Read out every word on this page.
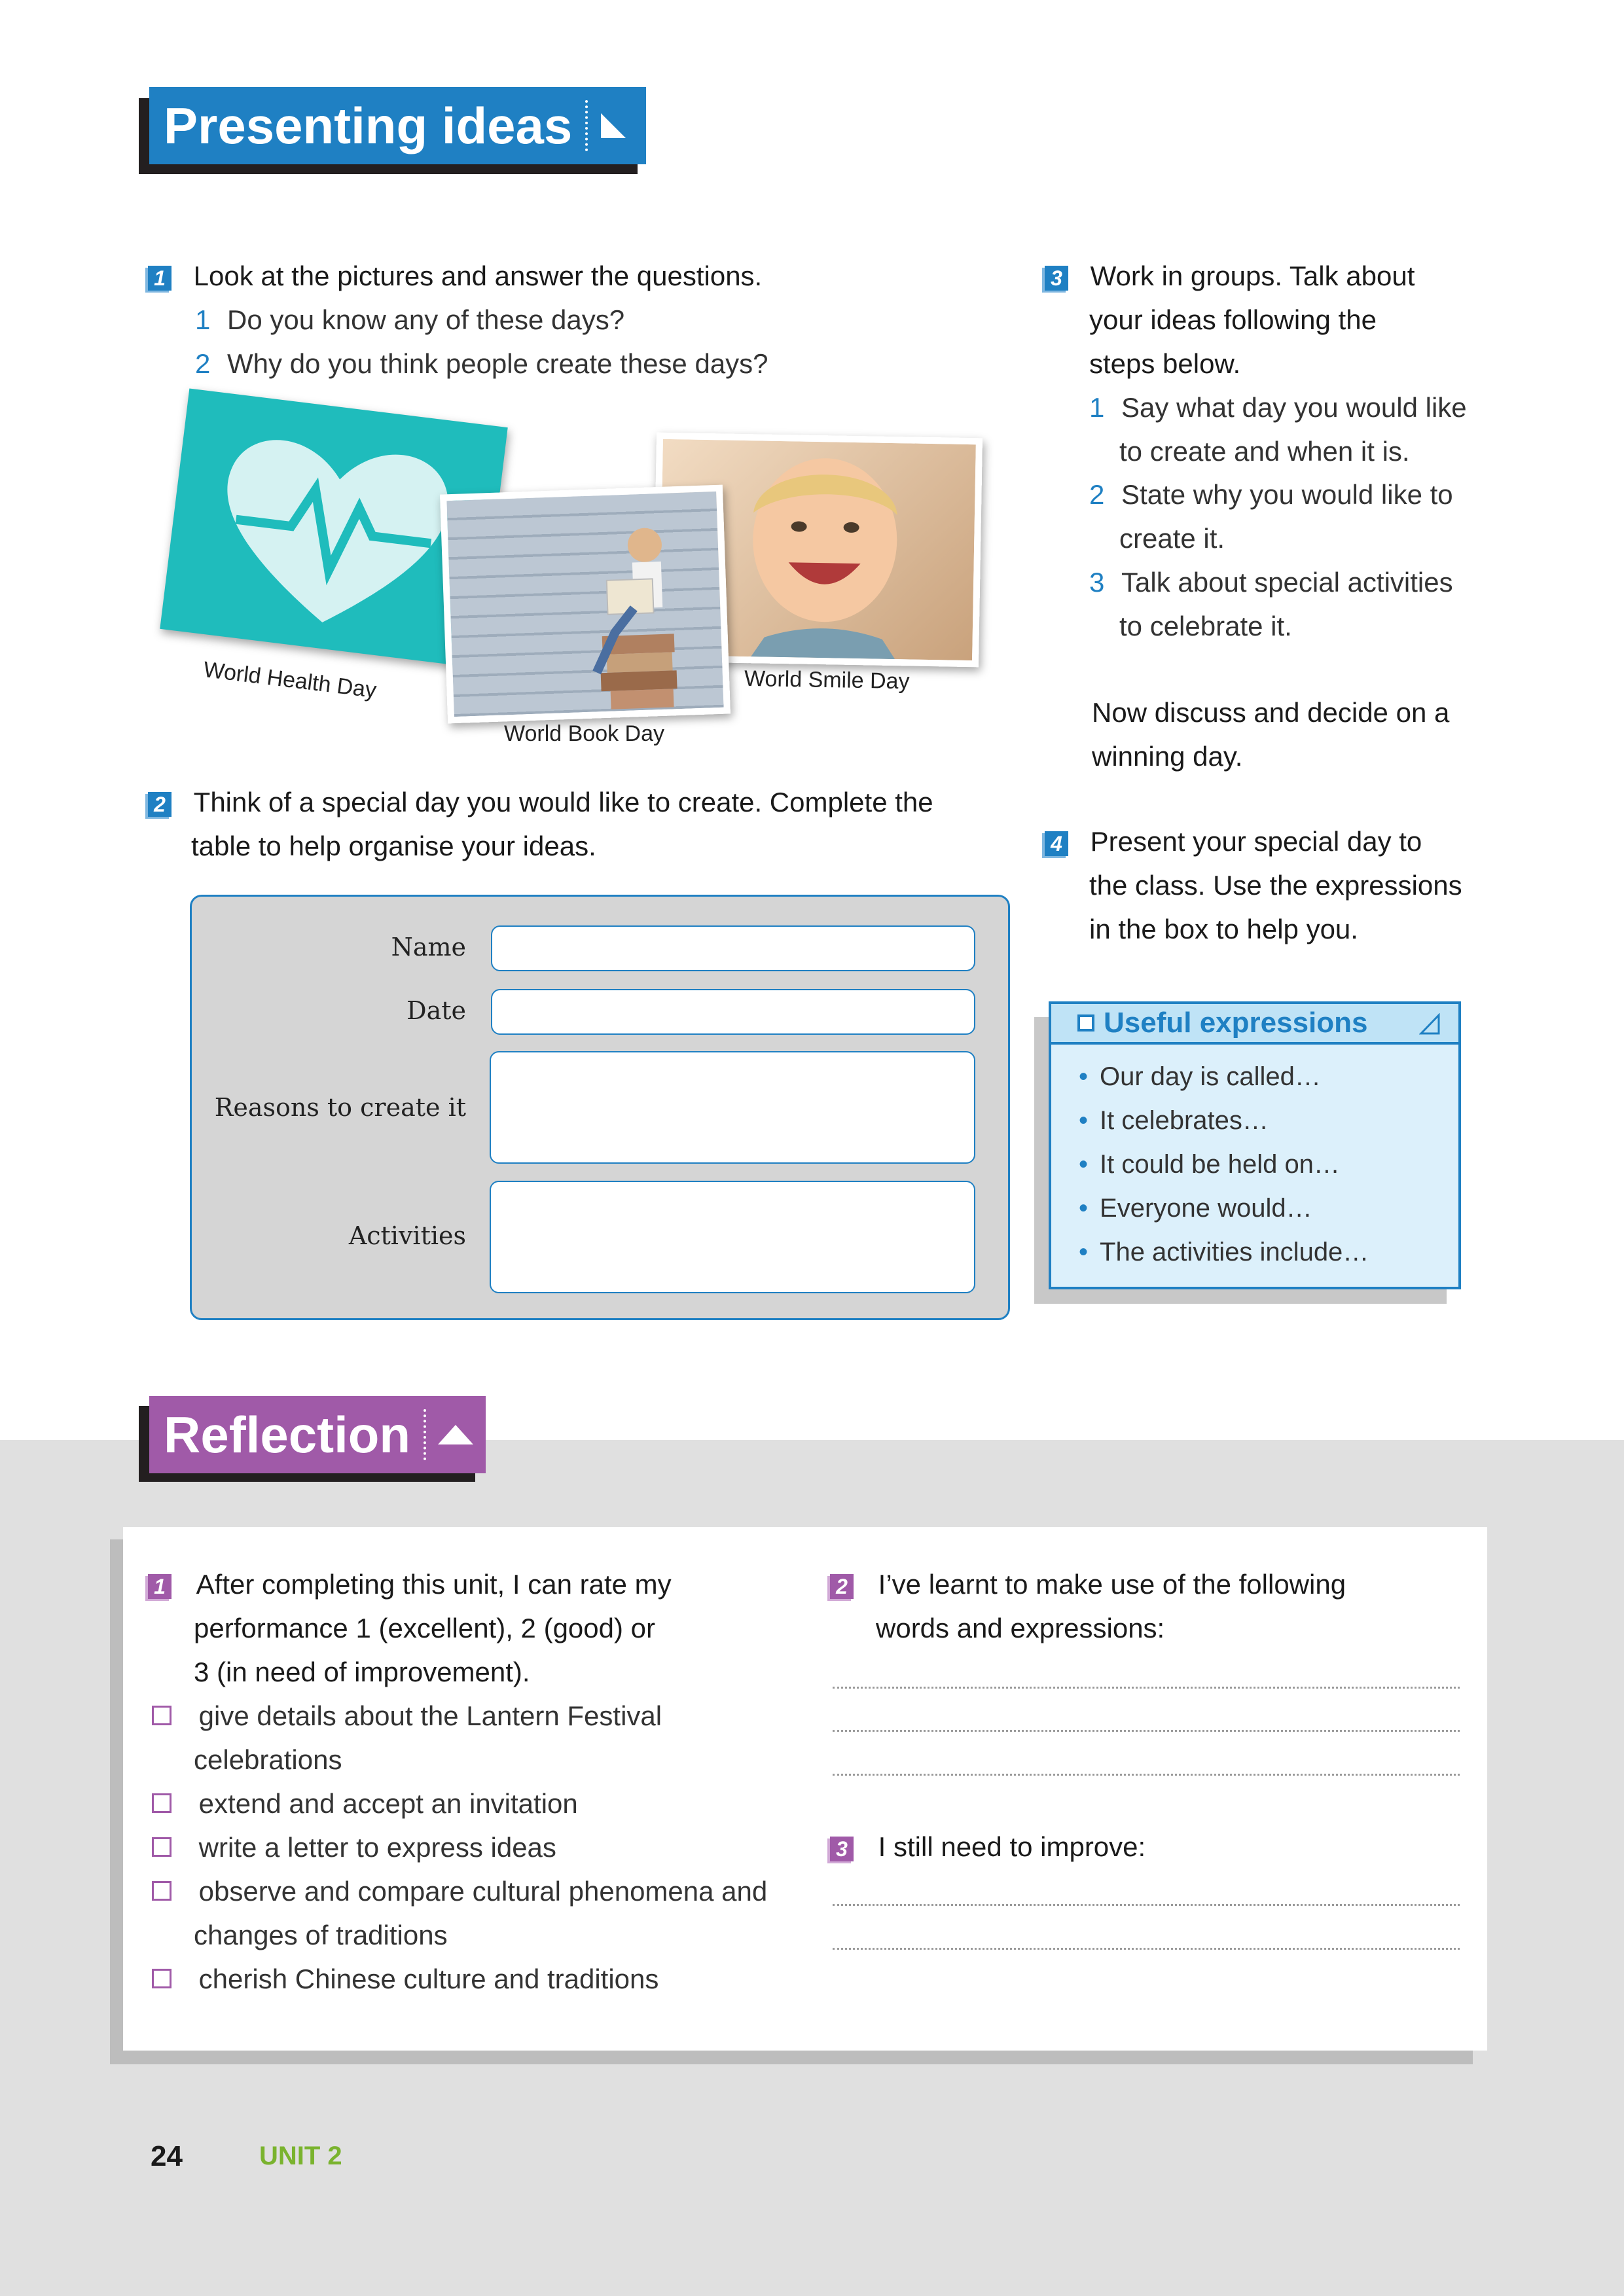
Presenting ideas
1 Look at the pictures and answer the questions.
1 Do you know any of these days?
2 Why do you think people create these days?
World Health Day	World Smile Day
World Book Day
2 Think of a special day you would like to create. Complete the
table to help organise your ideas.
Name
Date
Reasons to create it
Activities
3 Work in groups. Talk about
your ideas following the
steps below.
1 Say what day you would like
to create and when it is.
2 State why you would like to
create it.
3 Talk about special activities
to celebrate it.
Now discuss and decide on a
winning day.
4 Present your special day to
the class. Use the expressions
in the box to help you.
Useful expressions
• Our day is called…
• It celebrates…
• It could be held on…
• Everyone would…
• The activities include…
Reflection
1 After completing this unit, I can rate my
performance 1 (excellent), 2 (good) or
3 (in need of improvement).
give details about the Lantern Festival
celebrations
extend and accept an invitation
write a letter to express ideas
observe and compare cultural phenomena and
changes of traditions
cherish Chinese culture and traditions
2 I’ve learnt to make use of the following
words and expressions:
3 I still need to improve:
24	UNIT 2
